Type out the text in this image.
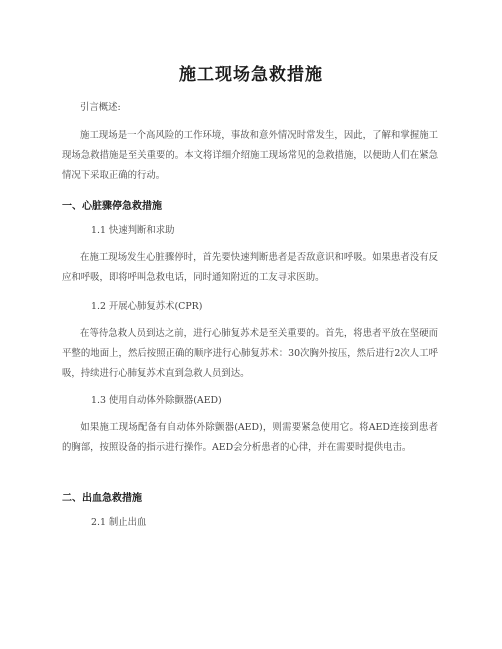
施工现场急救措施
引言概述:
施工现场是一个高风险的工作环境，事故和意外情况时常发生，因此，了解和掌握施工现场急救措施是至关重要的。本文将详细介绍施工现场常见的急救措施，以便助人们在紧急情况下采取正确的行动。
一、心脏骤停急救措施
1.1 快速判断和求助
在施工现场发生心脏骤停时，首先要快速判断患者是否敌意识和呼吸。如果患者没有反应和呼吸，即将呼叫急救电话，同时通知附近的工友寻求医助。
1.2 开展心肺复苏术(CPR)
在等待急救人员到达之前，进行心肺复苏术是至关重要的。首先，将患者平放在坚硬而平整的地面上，然后按照正确的顺序进行心肺复苏术：30次胸外按压，然后进行2次人工呼吸，持续进行心肺复苏术直到急救人员到达。
1.3 使用自动体外除颤器(AED)
如果施工现场配备有自动体外除颤器(AED)，则需要紧急使用它。将AED连接到患者的胸部，按照设备的指示进行操作。AED会分析患者的心律，并在需要时提供电击。
二、出血急救措施
2.1 制止出血
